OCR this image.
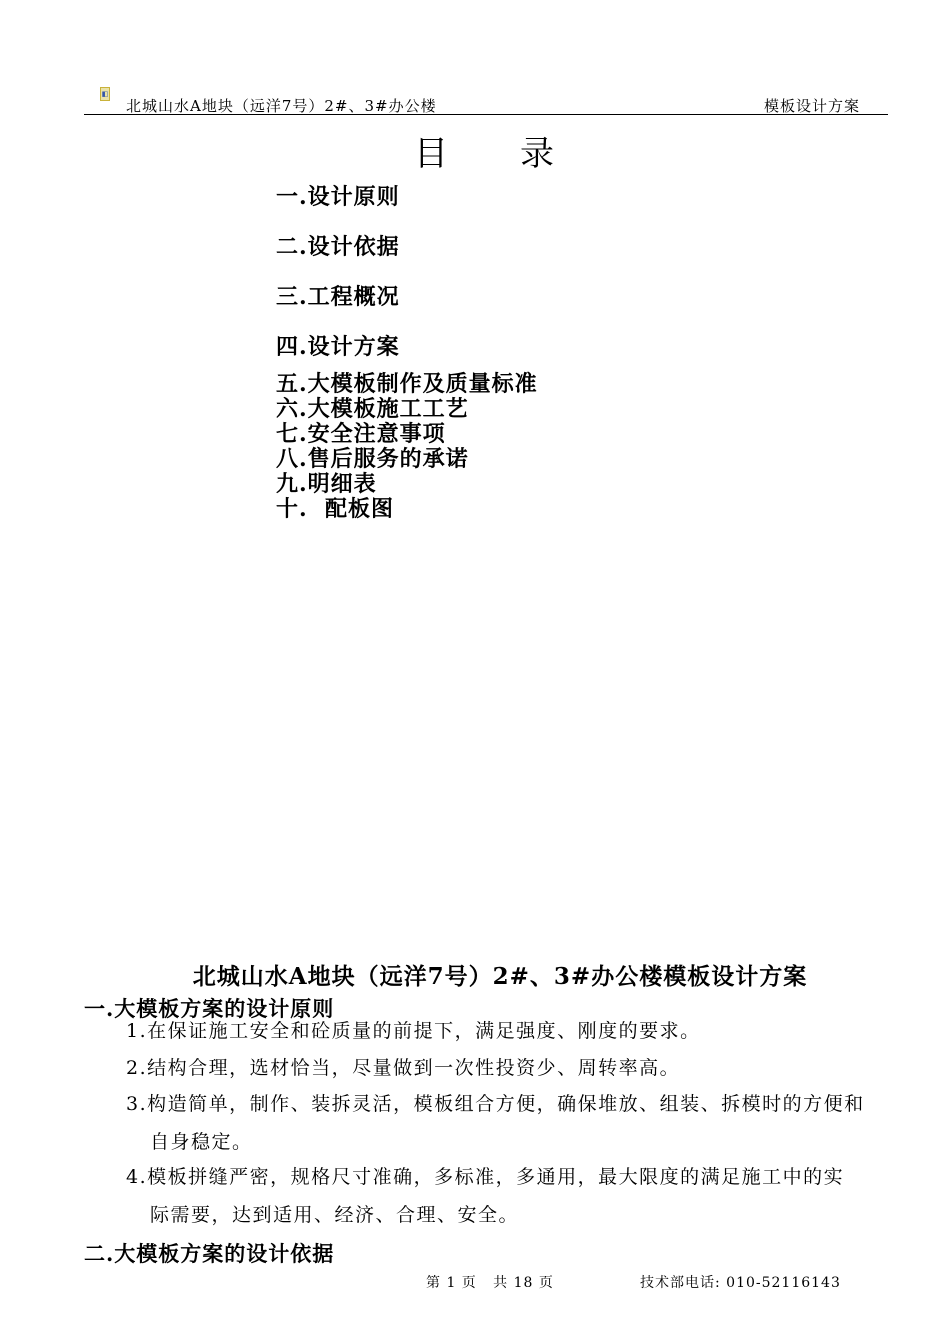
◧
北城山水A地块（远洋7号）2#、3#办公楼	模板设计方案
目 录
一.设计原则
二.设计依据
三.工程概况
四.设计方案
五.大模板制作及质量标准
六.大模板施工工艺
七.安全注意事项
八.售后服务的承诺
九.明细表
十.  配板图
北城山水A地块（远洋7号）2#、3#办公楼模板设计方案
一.大模板方案的设计原则
1.在保证施工安全和砼质量的前提下，满足强度、刚度的要求。
2.结构合理，选材恰当，尽量做到一次性投资少、周转率高。
3.构造简单，制作、装拆灵活，模板组合方便，确保堆放、组装、拆模时的方便和
自身稳定。
4.模板拼缝严密，规格尺寸准确，多标准，多通用，最大限度的满足施工中的实
际需要，达到适用、经济、合理、安全。
二.大模板方案的设计依据
第 1 页   共 18 页	技术部电话: 010-52116143
